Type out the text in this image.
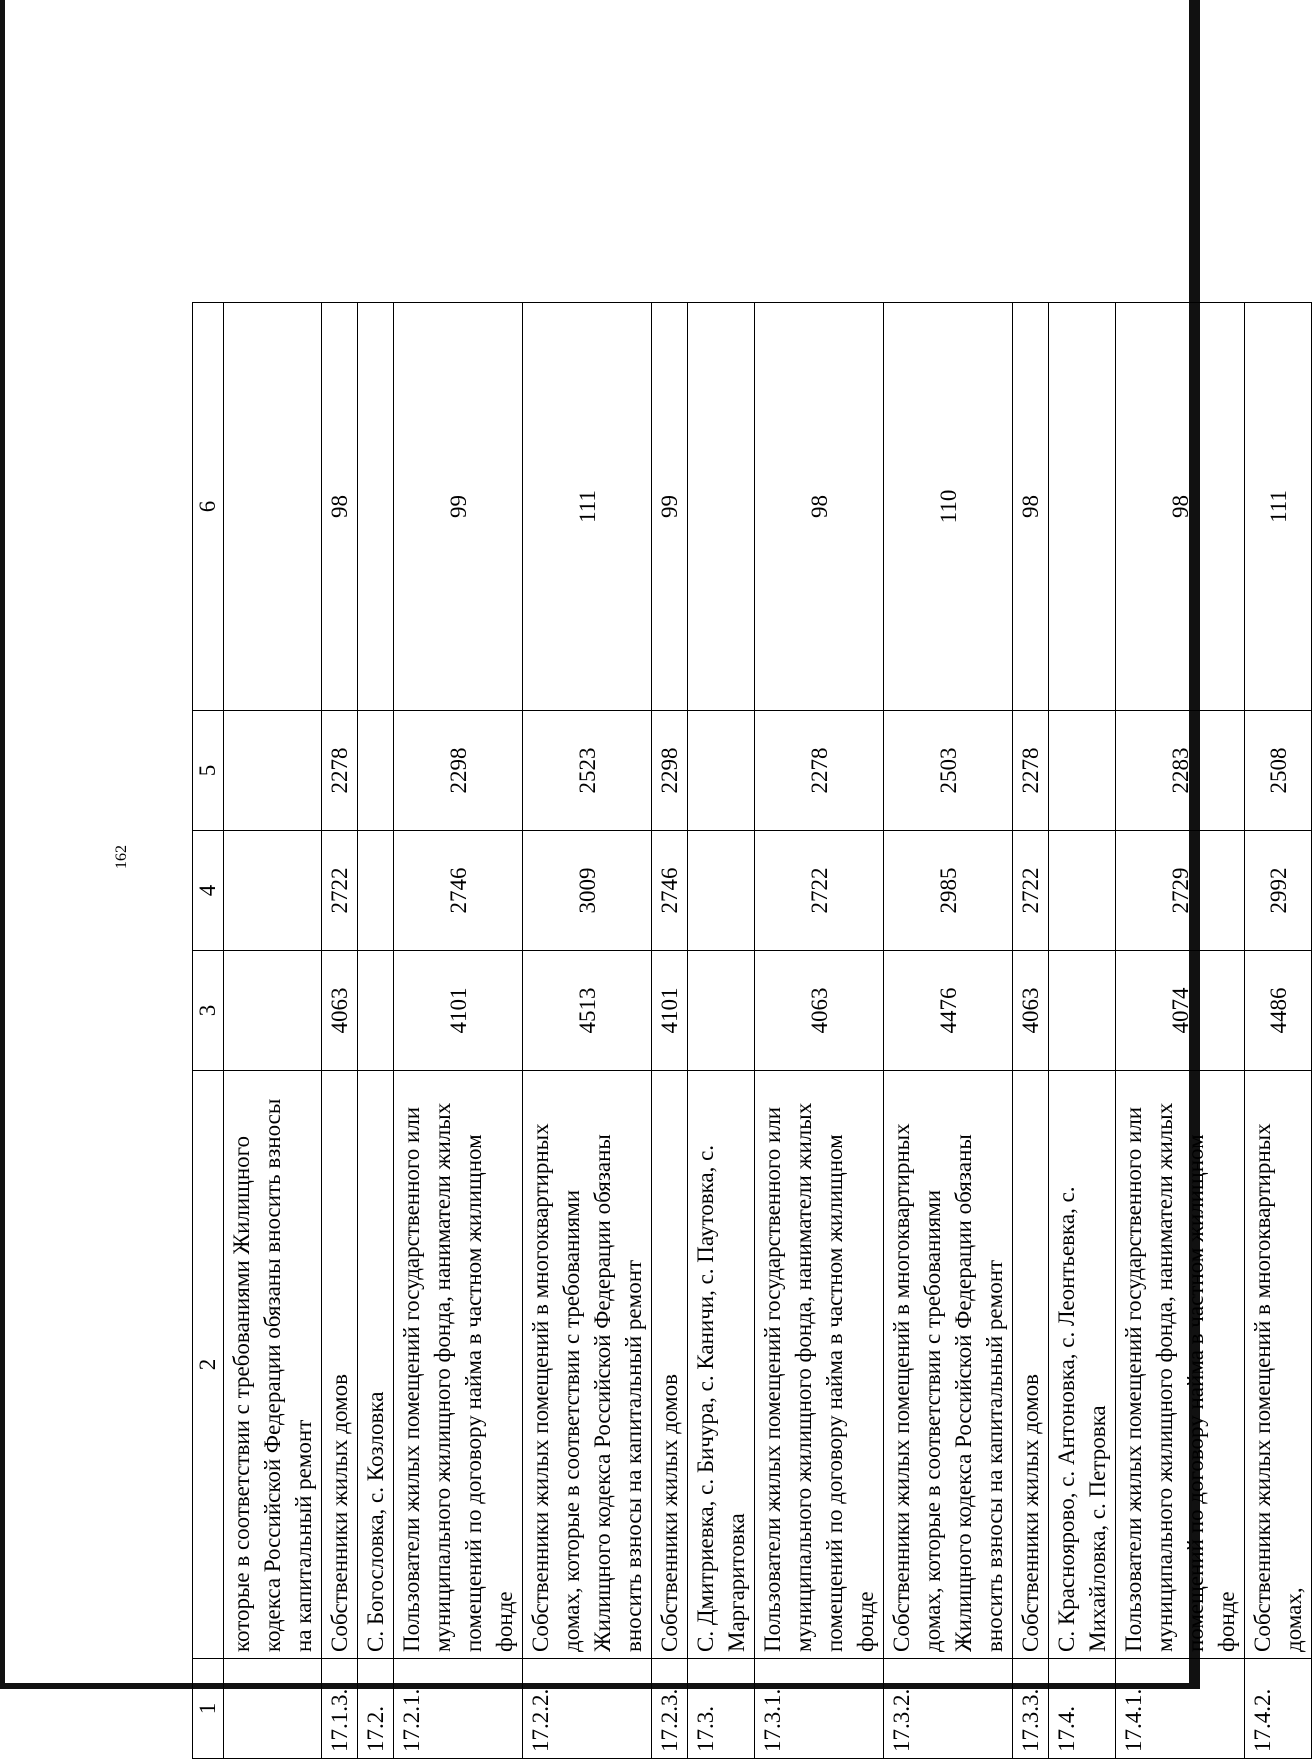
162
1	2	3	4	5	6
	которые в соответствии с требованиями Жилищного кодекса Российской Федерации обязаны вносить взносы на капитальный ремонт				
17.1.3.	Собственники жилых домов	4063	2722	2278	98
17.2.	С. Богословка, с. Козловка				
17.2.1.	Пользователи жилых помещений государственного или муниципального жилищного фонда, наниматели жилых помещений по договору найма в частном жилищном фонде	4101	2746	2298	99
17.2.2.	Собственники жилых помещений в многоквартирных домах, которые в соответствии с требованиями Жилищного кодекса Российской Федерации обязаны вносить взносы на капитальный ремонт	4513	3009	2523	111
17.2.3.	Собственники жилых домов	4101	2746	2298	99
17.3.	С. Дмитриевка, с. Бичура, с. Каничи, с. Паутовка, с. Маргаритовка				
17.3.1.	Пользователи жилых помещений государственного или муниципального жилищного фонда, наниматели жилых помещений по договору найма в частном жилищном фонде	4063	2722	2278	98
17.3.2.	Собственники жилых помещений в многоквартирных домах, которые в соответствии с требованиями Жилищного кодекса Российской Федерации обязаны вносить взносы на капитальный ремонт	4476	2985	2503	110
17.3.3.	Собственники жилых домов	4063	2722	2278	98
17.4.	С. Краснoярово, с. Антоновка, с. Леонтьевка, с. Михайловка, с. Петровка				
17.4.1.	Пользователи жилых помещений государственного или муниципального жилищного фонда, наниматели жилых помещений по договору найма в частном жилищном фонде	4074	2729	2283	98
17.4.2.	Собственники жилых помещений в многоквартирных домах,	4486	2992	2508	111
